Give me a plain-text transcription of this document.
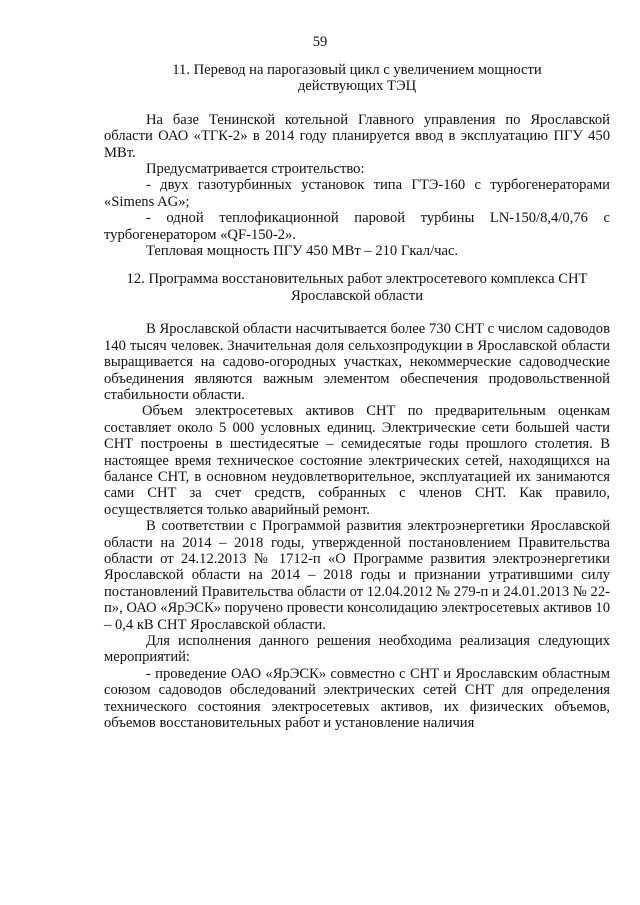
59
11. Перевод на парогазовый цикл с увеличением мощности
действующих ТЭЦ

На базе Тенинской котельной Главного управления по Ярославской области ОАО «ТГК-2» в 2014 году планируется ввод в эксплуатацию ПГУ 450 МВт.

Предусматривается строительство:

- двух газотурбинных установок типа ГТЭ-160 с турбогенераторами «Simens AG»;

- одной теплофикационной паровой турбины LN-150/8,4/0,76 с турбогенератором «QF-150-2».

Тепловая мощность ПГУ 450 МВт – 210 Гкал/час.

12. Программа восстановительных работ электросетевого комплекса СНТ
Ярославской области

В Ярославской области насчитывается более 730 СНТ с числом садоводов 140 тысяч человек. Значительная доля сельхозпродукции в Ярославской области выращивается на садово-огородных участках, некоммерческие садоводческие объединения являются важным элементом обеспечения продовольственной стабильности области.

Объем электросетевых активов СНТ по предварительным оценкам составляет около 5 000 условных единиц. Электрические сети большей части СНТ построены в шестидесятые – семидесятые годы прошлого столетия. В настоящее время техническое состояние электрических сетей, находящихся на балансе СНТ, в основном неудовлетворительное, эксплуатацией их занимаются сами СНТ за счет средств, собранных с членов СНТ. Как правило, осуществляется только аварийный ремонт.

В соответствии с Программой развития электроэнергетики Ярославской области на 2014 – 2018 годы, утвержденной постановлением Правительства области от 24.12.2013 № 1712-п «О Программе развития электроэнергетики Ярославской области на 2014 – 2018 годы и признании утратившими силу постановлений Правительства области от 12.04.2012 № 279-п и 24.01.2013 № 22-п», ОАО «ЯрЭСК» поручено провести консолидацию электросетевых активов 10 – 0,4 кВ СНТ Ярославской области.

Для исполнения данного решения необходима реализация следующих мероприятий:

- проведение ОАО «ЯрЭСК» совместно с СНТ и Ярославским областным союзом садоводов обследований электрических сетей СНТ для определения технического состояния электросетевых активов, их физических объемов, объемов восстановительных работ и установление наличия
